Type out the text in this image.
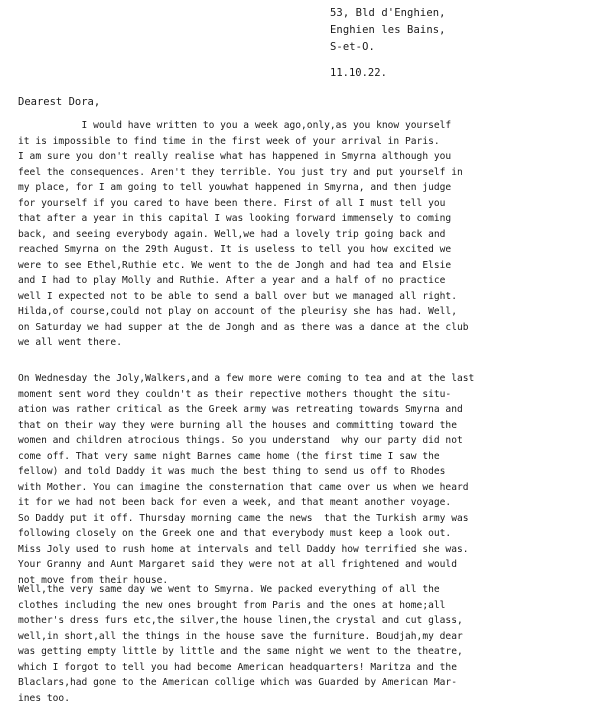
53, Bld d'Enghien,
Enghien les Bains,
S-et-O.
11.10.22.
Dearest Dora,
I would have written to you a week ago,only,as you know yourself
it is impossible to find time in the first week of your arrival in Paris.
I am sure you don't really realise what has happened in Smyrna although you
feel the consequences. Aren't they terrible. You just try and put yourself in
my place, for I am going to tell youwhat happened in Smyrna, and then judge
for yourself if you cared to have been there. First of all I must tell you
that after a year in this capital I was looking forward immensely to coming
back, and seeing everybody again. Well,we had a lovely trip going back and
reached Smyrna on the 29th August. It is useless to tell you how excited we
were to see Ethel,Ruthie etc. We went to the de Jongh and had tea and Elsie
and I had to play Molly and Ruthie. After a year and a half of no practice
well I expected not to be able to send a ball over but we managed all right.
Hilda,of course,could not play on account of the pleurisy she has had. Well,
on Saturday we had supper at the de Jongh and as there was a dance at the club
we all went there.
On Wednesday the Joly,Walkers,and a few more were coming to tea and at the last
moment sent word they couldn't as their repective mothers thought the situ-
ation was rather critical as the Greek army was retreating towards Smyrna and
that on their way they were burning all the houses and committing toward the
women and children atrocious things. So you understand  why our party did not
come off. That very same night Barnes came home (the first time I saw the
fellow) and told Daddy it was much the best thing to send us off to Rhodes
with Mother. You can imagine the consternation that came over us when we heard
it for we had not been back for even a week, and that meant another voyage.
So Daddy put it off. Thursday morning came the news  that the Turkish army was
following closely on the Greek one and that everybody must keep a look out.
Miss Joly used to rush home at intervals and tell Daddy how terrified she was.
Your Granny and Aunt Margaret said they were not at all frightened and would
not move from their house.
Well,the very same day we went to Smyrna. We packed everything of all the
clothes including the new ones brought from Paris and the ones at home;all
mother's dress furs etc,the silver,the house linen,the crystal and cut glass,
well,in short,all the things in the house save the furniture. Boudjah,my dear
was getting empty little by little and the same night we went to the theatre,
which I forgot to tell you had become American headquarters! Maritza and the
Blaclars,had gone to the American collige which was Guarded by American Mar-
ines too.
